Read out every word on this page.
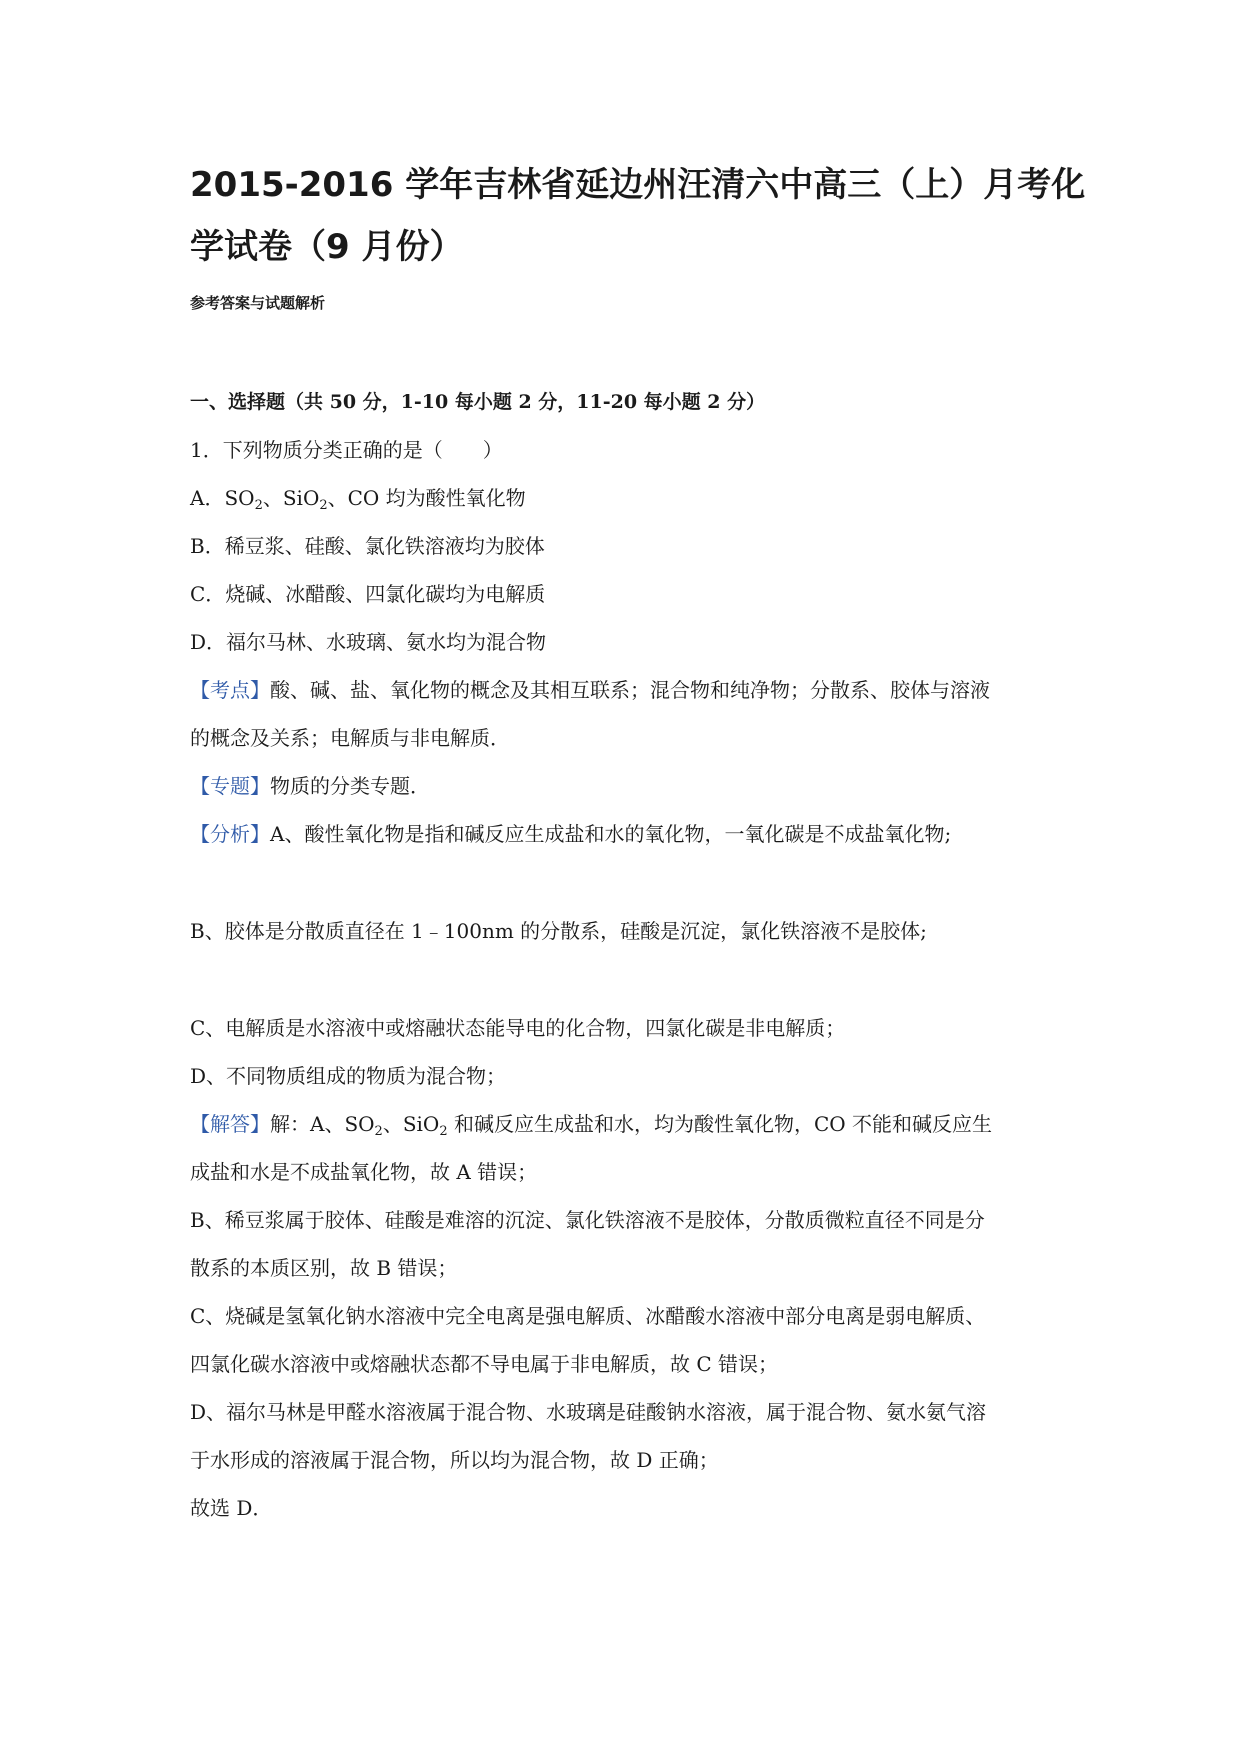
2015-2016 学年吉林省延边州汪清六中高三（上）月考化
学试卷（9 月份）
参考答案与试题解析
一、选择题（共 50 分，1-10 每小题 2 分，11-20 每小题 2 分）
1．下列物质分类正确的是（　　）
A．$SO_2$、SiO$_2$、CO 均为酸性氧化物
B．稀豆浆、硅酸、氯化铁溶液均为胶体
C．烧碱、冰醋酸、四氯化碳均为电解质
D．福尔马林、水玻璃、氨水均为混合物
【考点】酸、碱、盐、氧化物的概念及其相互联系；混合物和纯净物；分散系、胶体与溶液
的概念及关系；电解质与非电解质．
【专题】物质的分类专题．
【分析】A、酸性氧化物是指和碱反应生成盐和水的氧化物，一氧化碳是不成盐氧化物;
B、胶体是分散质直径在 1﹣100nm 的分散系，硅酸是沉淀，氯化铁溶液不是胶体;
C、电解质是水溶液中或熔融状态能导电的化合物，四氯化碳是非电解质；
D、不同物质组成的物质为混合物；
【解答】解：A、$SO_2$、SiO$_2$ 和碱反应生成盐和水，均为酸性氧化物，CO 不能和碱反应生
成盐和水是不成盐氧化物，故 A 错误；
B、稀豆浆属于胶体、硅酸是难溶的沉淀、氯化铁溶液不是胶体，分散质微粒直径不同是分
散系的本质区别，故 B 错误；
C、烧碱是氢氧化钠水溶液中完全电离是强电解质、冰醋酸水溶液中部分电离是弱电解质、
四氯化碳水溶液中或熔融状态都不导电属于非电解质，故 C 错误；
D、福尔马林是甲醛水溶液属于混合物、水玻璃是硅酸钠水溶液，属于混合物、氨水氨气溶
于水形成的溶液属于混合物，所以均为混合物，故 D 正确；
故选 D．
